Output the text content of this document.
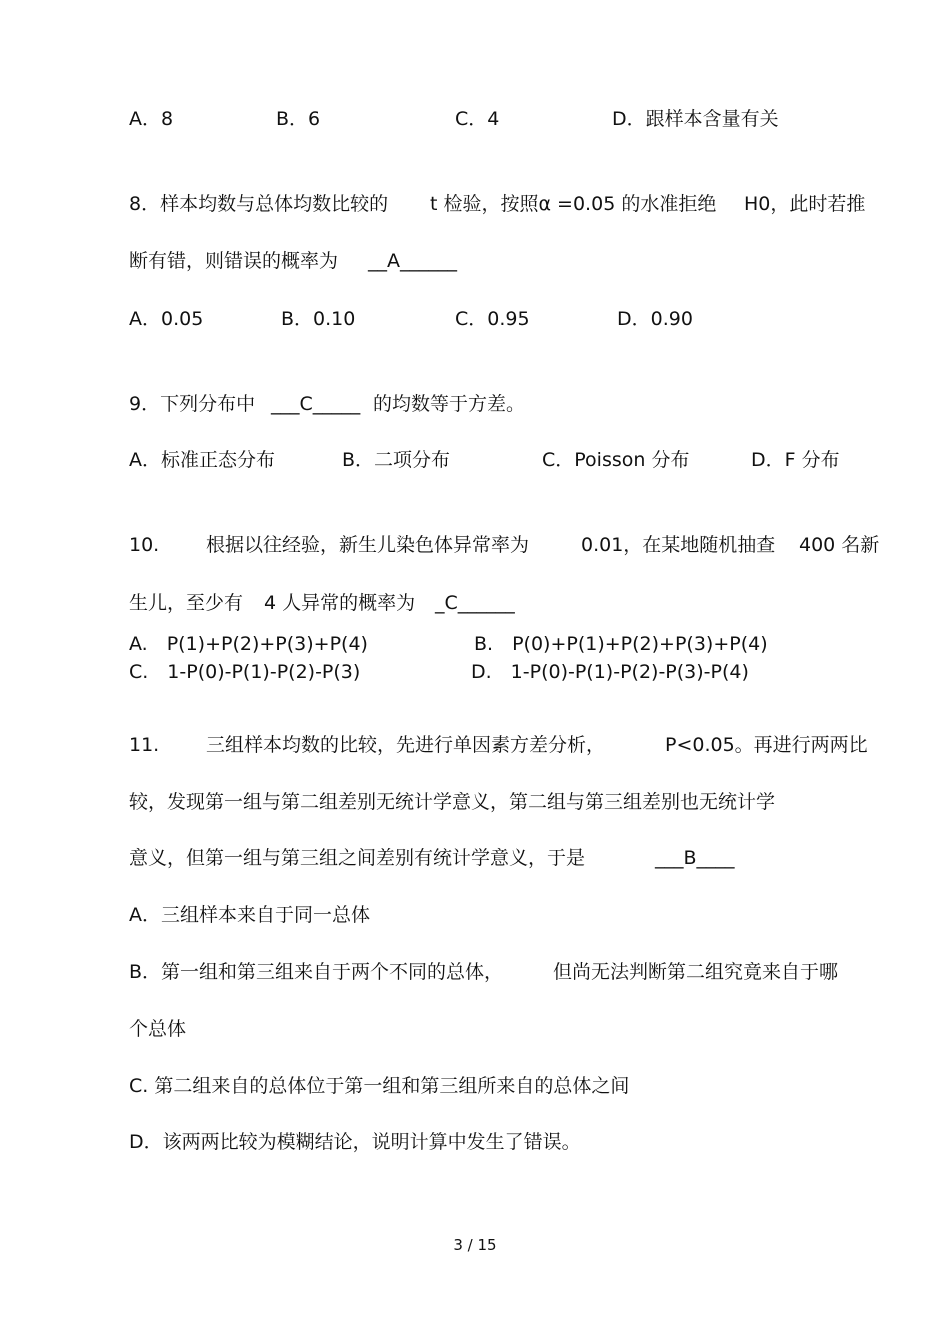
A．8	B．6	C．4	D．跟样本含量有关
8．样本均数与总体均数比较的 t 检验，按照α =0.05 的水准拒绝 H0，此时若推
断有错，则错误的概率为 __A______
A．0.05	B．0.10	C．0.95	D．0.90
9．下列分布中 ___C_____ 的均数等于方差。
A．标准正态分布	B．二项分布	C．Poisson 分布	D．F 分布
10. 根据以往经验，新生儿染色体异常率为	0.01，在某地随机抽查 400 名新
生儿，至少有 4 人异常的概率为 _C______
A.　P(1)+P(2)+P(3)+P(4)	B.　P(0)+P(1)+P(2)+P(3)+P(4)
C.　1-P(0)-P(1)-P(2)-P(3)	D.　1-P(0)-P(1)-P(2)-P(3)-P(4)
11. 三组样本均数的比较，先进行单因素方差分析，	P<0.05。再进行两两比
较，发现第一组与第二组差别无统计学意义，第二组与第三组差别也无统计学
意义，但第一组与第三组之间差别有统计学意义，于是	___B____
A．三组样本来自于同一总体
B．第一组和第三组来自于两个不同的总体，	但尚无法判断第二组究竟来自于哪
个总体
C. 第二组来自的总体位于第一组和第三组所来自的总体之间
D．该两两比较为模糊结论，说明计算中发生了错误。
3 / 15
